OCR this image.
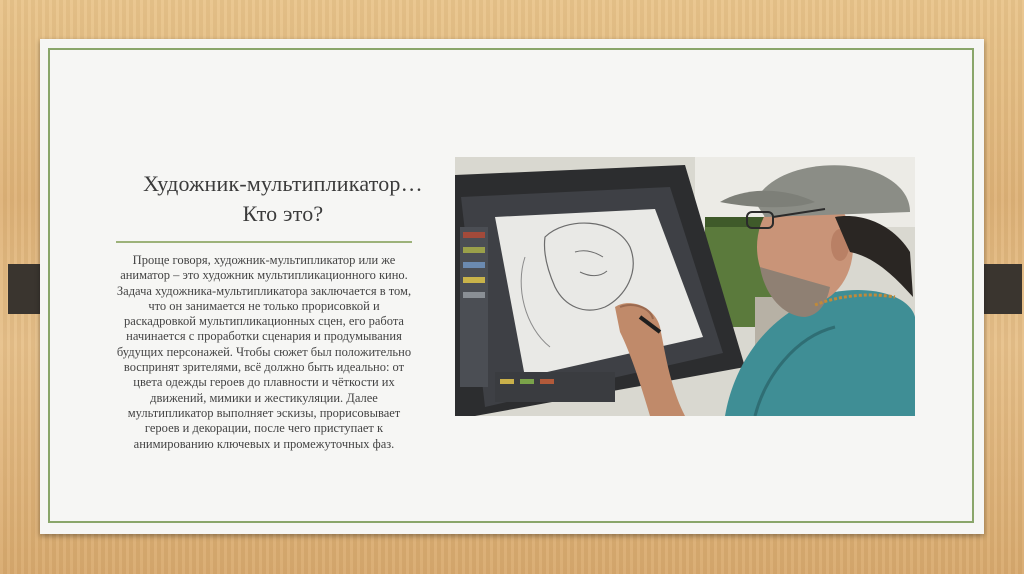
Художник-мультипликатор… Кто это?
Проще говоря, художник-мультипликатор или же аниматор – это художник мультипликационного кино. Задача художника-мультипликатора заключается в том, что он занимается не только прорисовкой и раскадровкой мультипликационных сцен, его работа начинается с проработки сценария и продумывания будущих персонажей. Чтобы сюжет был положительно воспринят зрителями, всё должно быть идеально: от цвета одежды героев до плавности и чёткости их движений, мимики и жестикуляции. Далее мультипликатор выполняет эскизы, прорисовывает героев и декорации, после чего приступает к анимированию ключевых и промежуточных фаз.
